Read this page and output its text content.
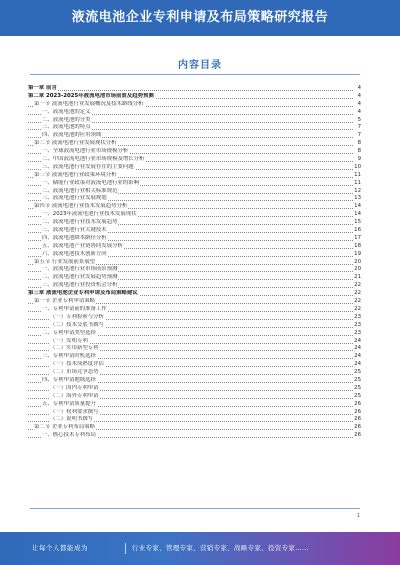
液流电池企业专利申请及布局策略研究报告
内容目录
第一章 前言	4
第二章 2023-2025年液流电池市场前景及趋势预测	4
第一节 液流电池行业发展概况及技术路线分析	4
一、液流电池的定义	4
二、液流电池的分类	5
三、液流电池的特点	7
四、液流电池的应用领域	7
第二节 液流电池行业发展现状分析	8
一、全球液流电池行业市场规模分析	8
二、中国液流电池行业市场规模及增长分析	9
三、液流电池行业发展存在的主要问题	10
第三节 液流电池行业政策环境分析	11
一、储能行业政策对液流电池行业的影响	11
二、液流电池行业相关标准规范	12
三、液流电池行业发展规划	13
第四节 液流电池行业技术发展趋势分析	14
一、2023年液流电池行业技术发展现状	14
二、液流电池行业技术发展趋势	15
三、液流电池行业关键技术	16
四、液流电池降本路径分析	17
五、液流电池产业链协同发展分析	18
六、液流电池技术创新方向	19
第五节 行业发展前景展望	20
一、液流电池行业市场前景预测	20
二、液流电池行业发展趋势预测	21
三、液流电池行业投资机会分析	22
第三章 液流电池企业专利申请及布局策略建议	22
第一节 企业专利申请策略	22
一、专利申请前的准备工作	22
（一）专利检索与分析	23
（二）技术交底书撰写	23
二、专利申请类型选择	23
（一）发明专利	24
（二）实用新型专利	24
三、专利申请时机选择	24
（一）技术成熟度评估	24
（二）市场竞争态势	25
四、专利申请地域选择	25
（一）国内专利申请	25
（二）海外专利申请	25
五、专利申请质量提升	26
（一）权利要求撰写	26
（二）说明书撰写	26
第二节 企业专利布局策略	26
一、核心技术专利布局	26
1
让每个人都能成为	行业专家、管理专家、营销专家、战略专家、投资专家……
